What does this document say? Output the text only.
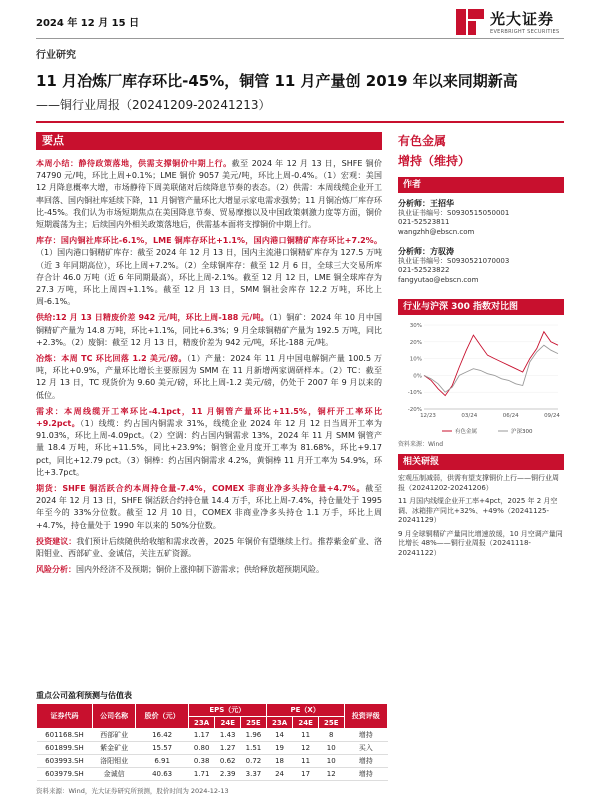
2024 年 12 月 15 日	光大证券
EVERBRIGHT SECURITIES
行业研究
11 月冶炼厂库存环比-45%，铜管 11 月产量创 2019 年以来同期新高
——铜行业周报（20241209-20241213）
要点
本周小结：静待政策落地，供需支撑铜价中期上行。截至 2024 年 12 月 13 日，SHFE 铜价 74790 元/吨，环比上周+0.1%；LME 铜价 9057 美元/吨，环比上周-0.4%。（1）宏观：美国 12 月降息概率大增，市场静待下周美联储对后续降息节奏的表态。（2）供需：本周线缆企业开工率回落、国内铜社库延续下降，11 月铜管产量环比大增显示家电需求强势；11 月铜冶炼厂库存环比-45%。我们认为市场短期焦点在美国降息节奏、贸易摩擦以及中国政策刺激力度等方面，铜价短期震荡为主；后续国内外相关政策落地后，供需基本面将支撑铜价中期上行。
库存：国内铜社库环比-6.1%，LME 铜库存环比+1.1%，国内港口铜精矿库存环比+7.2%。（1）国内港口铜精矿库存：截至 2024 年 12 月 13 日，国内主流港口铜精矿库存为 127.5 万吨（近 3 年同期高位），环比上周+7.2%。（2）全球铜库存：截至 12 月 6 日，全球三大交易所库存合计 46.0 万吨（近 6 年同期最高），环比上周-2.1%。截至 12 月 12 日，LME 铜全球库存为 27.3 万吨，环比上周四+1.1%。截至 12 月 13 日，SMM 铜社会库存 12.2 万吨，环比上周-6.1%。
供给:12 月 13 日精废价差 942 元/吨，环比上周-188 元/吨。（1）铜矿：2024 年 10 月中国铜精矿产量为 14.8 万吨，环比+1.1%，同比+6.3%；9 月全球铜精矿产量为 192.5 万吨，同比+2.3%。（2）废铜：截至 12 月 13 日，精废价差为 942 元/吨，环比-188 元/吨。
冶炼：本周 TC 环比回落 1.2 美元/磅。（1）产量：2024 年 11 月中国电解铜产量 100.5 万吨，环比+0.9%，产量环比增长主要原因为 SMM 在 11 月新增两家调研样本。（2）TC：截至 12 月 13 日，TC 现货价为 9.60 美元/磅，环比上周-1.2 美元/磅，仍处于 2007 年 9 月以来的低位。
需求：本周线缆开工率环比-4.1pct，11 月铜管产量环比+11.5%，铜杆开工率环比+9.2pct。（1）线缆：约占国内铜需求 31%，线缆企业 2024 年 12 月 12 日当周开工率为 91.03%，环比上周-4.09pct。（2）空调：约占国内铜需求 13%，2024 年 11 月 SMM 铜管产量 18.4 万吨，环比+11.5%，同比+23.9%；铜管企业月度开工率为 81.68%，环比+9.17 pct，同比+12.79 pct。（3）铜棒：约占国内铜需求 4.2%，黄铜棒 11 月开工率为 54.9%，环比+3.7pct。
期货：SHFE 铜活跃合约本周持仓量-7.4%，COMEX 非商业净多头持仓量+4.7%。截至 2024 年 12 月 13 日，SHFE 铜活跃合约持仓量 14.4 万手，环比上周-7.4%，持仓量处于 1995 年至今的 33%分位数。截至 12 月 10 日，COMEX 非商业净多头持仓 1.1 万手，环比上周+4.7%，持仓量处于 1990 年以来的 50%分位数。
投资建议：我们预计后续随供给收缩和需求改善，2025 年铜价有望继续上行。推荐紫金矿业、洛阳钼业、西部矿业、金诚信，关注五矿资源。
风险分析：国内外经济不及预期；铜价上涨抑制下游需求；供给释放超预期风险。
有色金属
增持（维持）
作者
分析师：王招华
执业证书编号：S0930515050001
021-52523811
wangzhh@ebscn.com
分析师：方驭涛
执业证书编号：S0930521070003
021-52523822
fangyutao@ebscn.com
行业与沪深 300 指数对比图
30%
20%
10%
0%
-10%
-20%
12/23	03/24	06/24	09/24
有色金属	沪深300
资料来源：Wind
相关研报
宏观压制减弱，供需有望支撑铜价上行——铜行业周报（20241202-20241206）
11 月国内线缆企业开工率+4pct，2025 年 2 月空调、冰箱排产同比+32%、+49%（20241125-20241129）
9 月全球铜精矿产量同比增速放缓，10 月空调产量同比增长 48%——铜行业周报（20241118-20241122）
重点公司盈利预测与估值表
证券代码	公司名称	股价（元）	EPS（元）			PE（X）			投资评级
			23A	24E	25E	23A	24E	25E	
601168.SH	西部矿业	16.42	1.17	1.43	1.96	14	11	8	增持
601899.SH	紫金矿业	15.57	0.80	1.27	1.51	19	12	10	买入
603993.SH	洛阳钼业	6.91	0.38	0.62	0.72	18	11	10	增持
603979.SH	金诚信	40.63	1.71	2.39	3.37	24	17	12	增持
资料来源：Wind，光大证券研究所预测，股价时间为 2024-12-13
